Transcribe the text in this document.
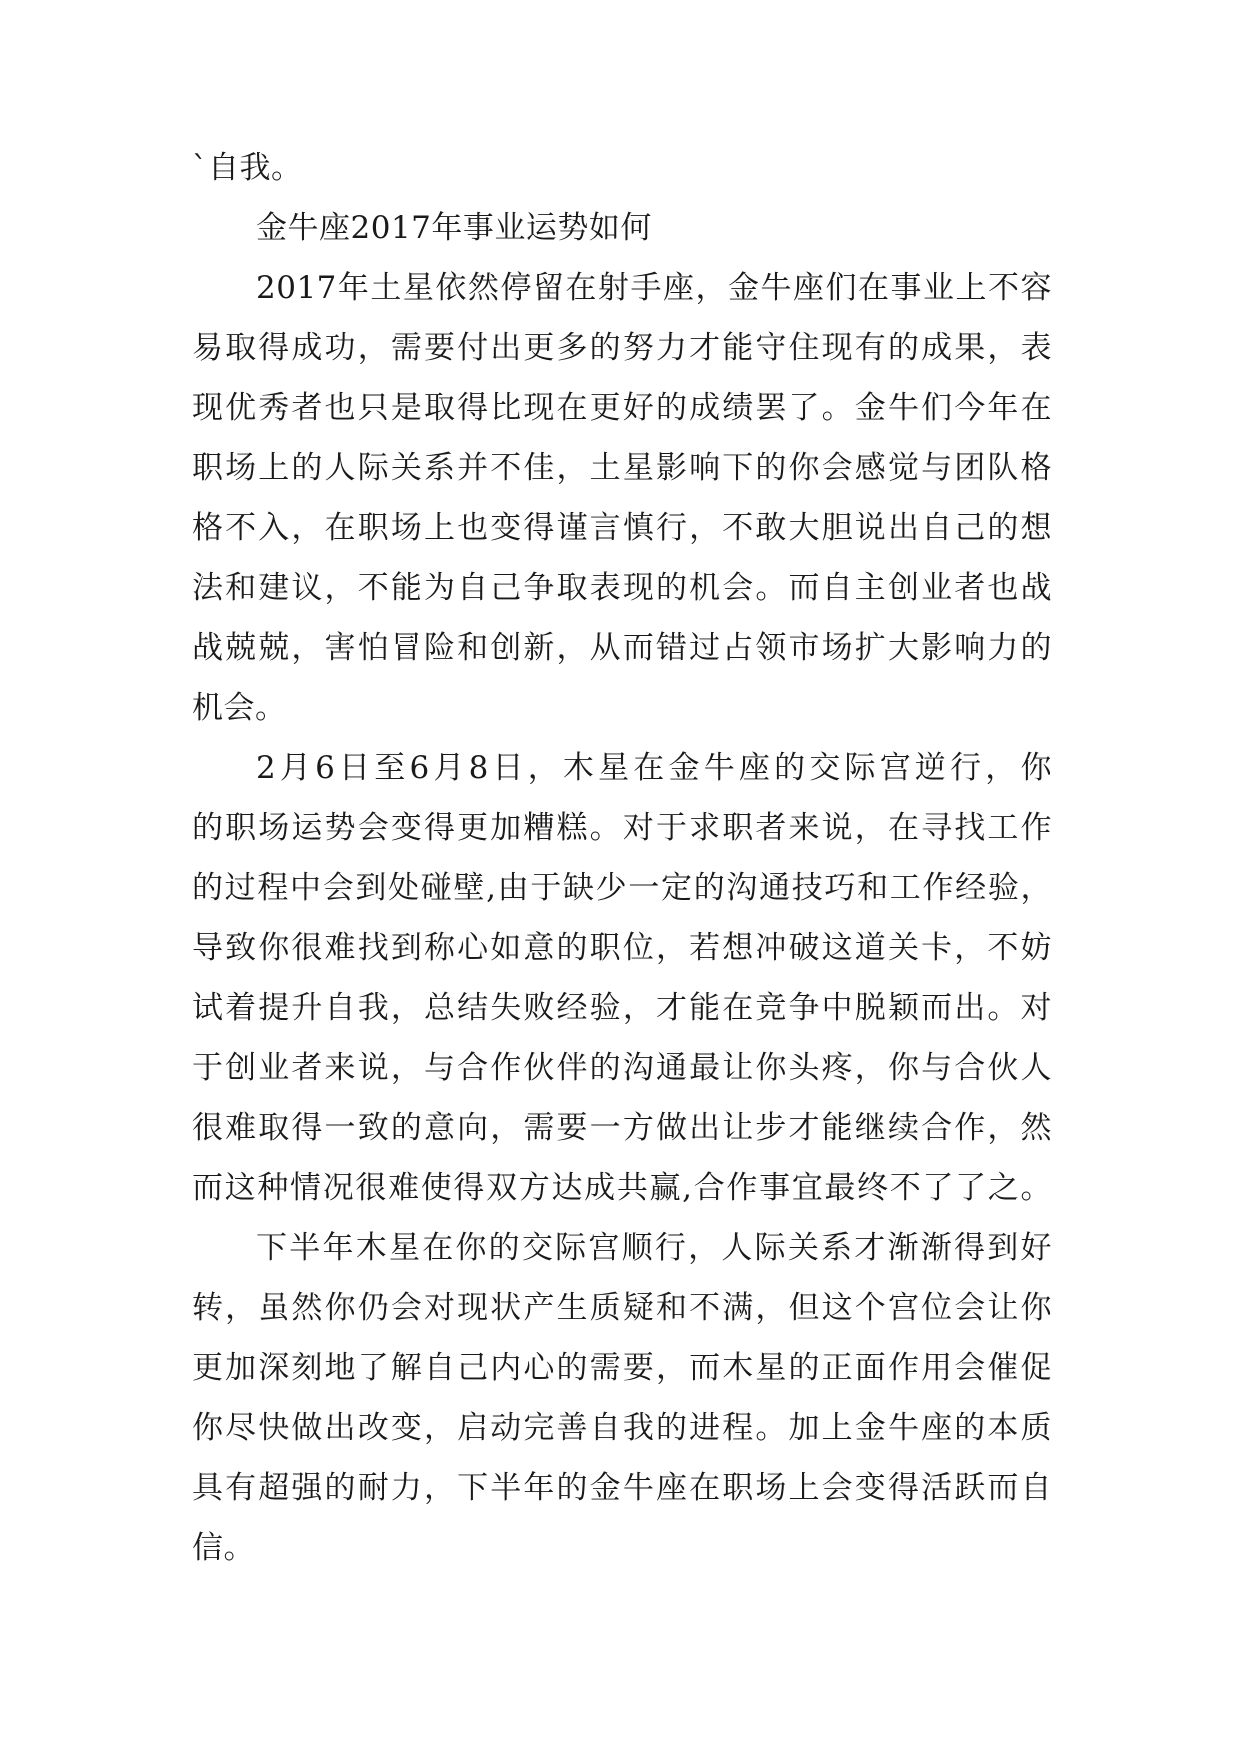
`自我。
金牛座2017年事业运势如何
2017年土星依然停留在射手座，金牛座们在事业上不容
易取得成功，需要付出更多的努力才能守住现有的成果，表
现优秀者也只是取得比现在更好的成绩罢了。金牛们今年在
职场上的人际关系并不佳，土星影响下的你会感觉与团队格
格不入，在职场上也变得谨言慎行，不敢大胆说出自己的想
法和建议，不能为自己争取表现的机会。而自主创业者也战
战兢兢，害怕冒险和创新，从而错过占领市场扩大影响力的
机会。
2月6日至6月8日，木星在金牛座的交际宫逆行，你
的职场运势会变得更加糟糕。对于求职者来说，在寻找工作
的过程中会到处碰壁,由于缺少一定的沟通技巧和工作经验，
导致你很难找到称心如意的职位，若想冲破这道关卡，不妨
试着提升自我，总结失败经验，才能在竞争中脱颖而出。对
于创业者来说，与合作伙伴的沟通最让你头疼，你与合伙人
很难取得一致的意向，需要一方做出让步才能继续合作，然
而这种情况很难使得双方达成共赢,合作事宜最终不了了之。
下半年木星在你的交际宫顺行，人际关系才渐渐得到好
转，虽然你仍会对现状产生质疑和不满，但这个宫位会让你
更加深刻地了解自己内心的需要，而木星的正面作用会催促
你尽快做出改变，启动完善自我的进程。加上金牛座的本质
具有超强的耐力，下半年的金牛座在职场上会变得活跃而自
信。
